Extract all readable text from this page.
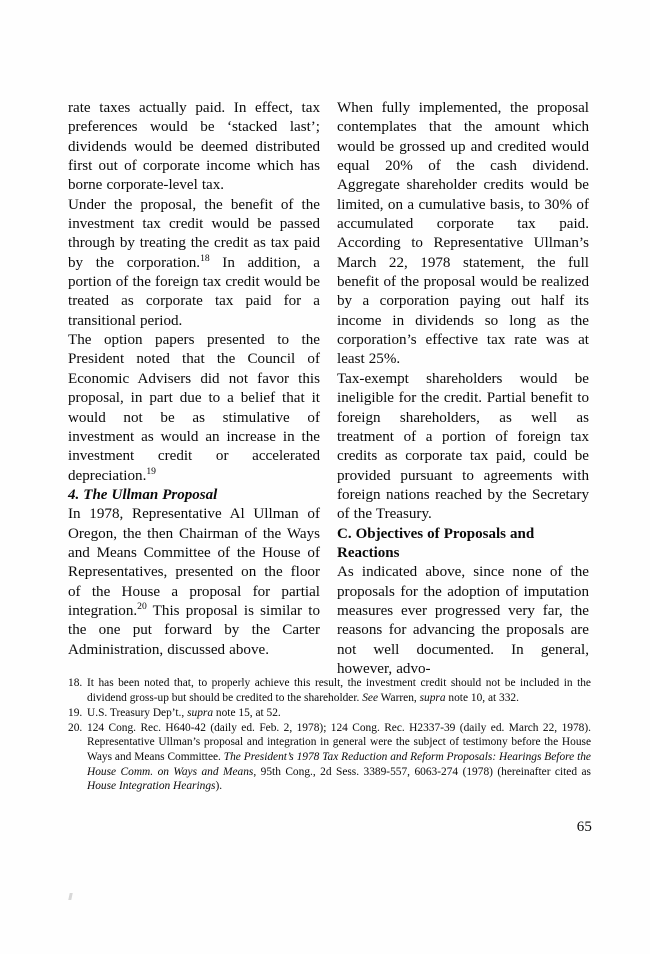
rate taxes actually paid. In effect, tax preferences would be ‘stacked last’; dividends would be deemed distributed first out of corporate income which has borne corporate-level tax.

Under the proposal, the benefit of the investment tax credit would be passed through by treating the credit as tax paid by the corporation.$^{18}$ In addition, a portion of the foreign tax credit would be treated as corporate tax paid for a transitional period.

The option papers presented to the President noted that the Council of Economic Advisers did not favor this proposal, in part due to a belief that it would not be as stimulative of investment as would an increase in the investment credit or accelerated depreciation.$^{19}$

4. The Ullman Proposal

In 1978, Representative Al Ullman of Oregon, the then Chairman of the Ways and Means Committee of the House of Representatives, presented on the floor of the House a proposal for partial integration.$^{20}$ This proposal is similar to the one put forward by the Carter Administration, discussed above.

When fully implemented, the proposal contemplates that the amount which would be grossed up and credited would equal 20% of the cash dividend. Aggregate shareholder credits would be limited, on a cumulative basis, to 30% of accumulated corporate tax paid. According to Representative Ullman’s March 22, 1978 statement, the full benefit of the proposal would be realized by a corporation paying out half its income in dividends so long as the corporation’s effective tax rate was at least 25%.

Tax-exempt shareholders would be ineligible for the credit. Partial benefit to foreign shareholders, as well as treatment of a portion of foreign tax credits as corporate tax paid, could be provided pursuant to agreements with foreign nations reached by the Secretary of the Treasury.

C. Objectives of Proposals and Reactions

As indicated above, since none of the proposals for the adoption of imputation measures ever progressed very far, the reasons for advancing the proposals are not well documented. In general, however, advo-

18. It has been noted that, to properly achieve this result, the investment credit should not be included in the dividend gross-up but should be credited to the shareholder. See Warren, supra note 10, at 332.
19. U.S. Treasury Dep’t., supra note 15, at 52.
20. 124 Cong. Rec. H640-42 (daily ed. Feb. 2, 1978); 124 Cong. Rec. H2337-39 (daily ed. March 22, 1978). Representative Ullman’s proposal and integration in general were the subject of testimony before the House Ways and Means Committee. The President’s 1978 Tax Reduction and Reform Proposals: Hearings Before the House Comm. on Ways and Means, 95th Cong., 2d Sess. 3389-557, 6063-274 (1978) (hereinafter cited as House Integration Hearings).
65
